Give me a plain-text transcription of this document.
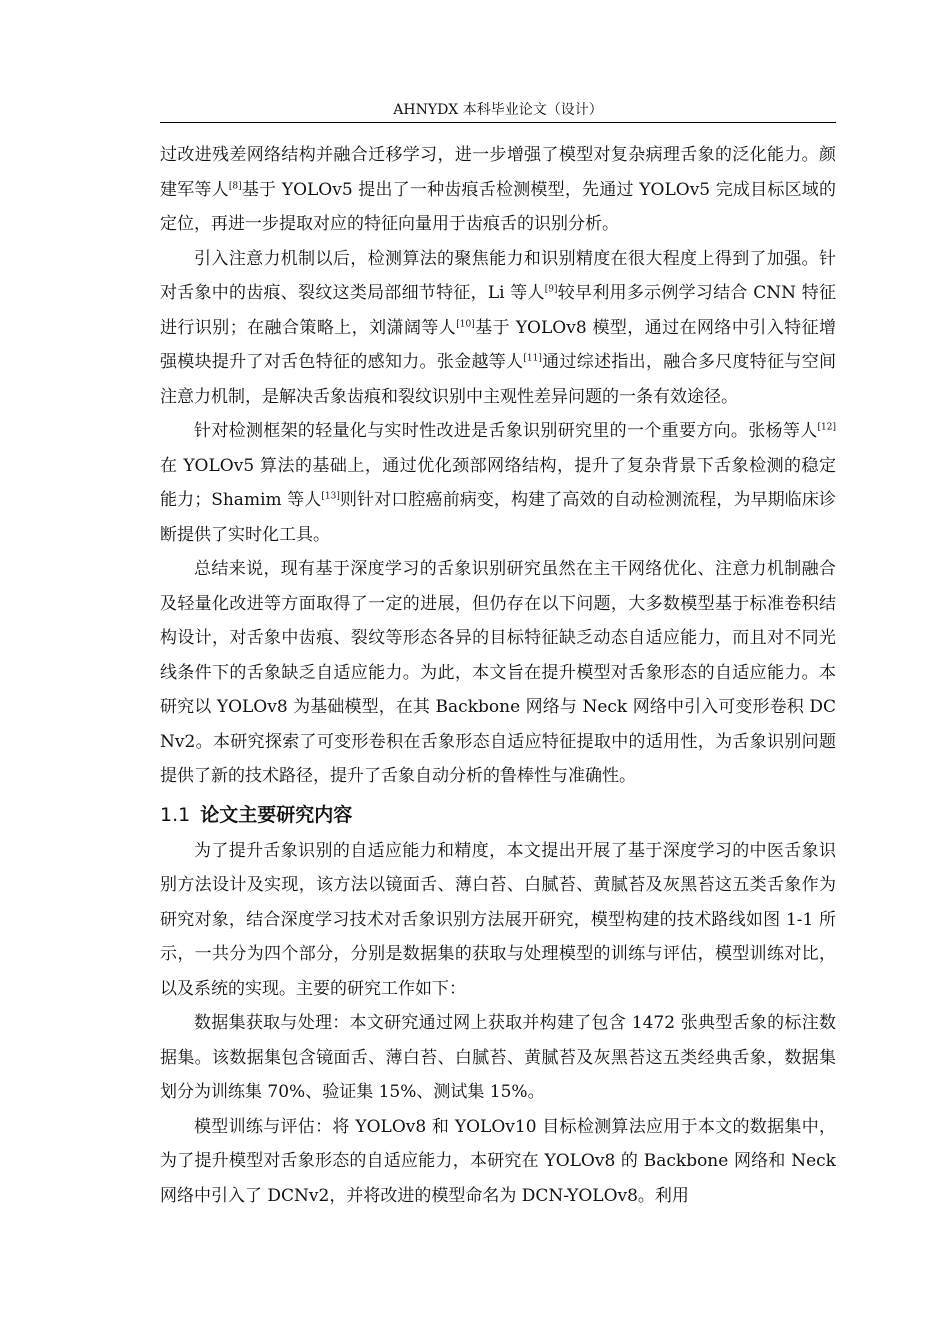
AHNYDX 本科毕业论文（设计）

过改进残差网络结构并融合迁移学习，进一步增强了模型对复杂病理舌象的泛化能力。颜建军等人[8]基于 YOLOv5 提出了一种齿痕舌检测模型，先通过 YOLOv5 完成目标区域的定位，再进一步提取对应的特征向量用于齿痕舌的识别分析。

引入注意力机制以后，检测算法的聚焦能力和识别精度在很大程度上得到了加强。针对舌象中的齿痕、裂纹这类局部细节特征，Li 等人[9]较早利用多示例学习结合 CNN 特征进行识别；在融合策略上，刘潇阔等人[10]基于 YOLOv8 模型，通过在网络中引入特征增强模块提升了对舌色特征的感知力。张金越等人[11]通过综述指出，融合多尺度特征与空间注意力机制，是解决舌象齿痕和裂纹识别中主观性差异问题的一条有效途径。

针对检测框架的轻量化与实时性改进是舌象识别研究里的一个重要方向。张杨等人[12]在 YOLOv5 算法的基础上，通过优化颈部网络结构，提升了复杂背景下舌象检测的稳定能力；Shamim 等人[13]则针对口腔癌前病变，构建了高效的自动检测流程，为早期临床诊断提供了实时化工具。

总结来说，现有基于深度学习的舌象识别研究虽然在主干网络优化、注意力机制融合及轻量化改进等方面取得了一定的进展，但仍存在以下问题，大多数模型基于标准卷积结构设计，对舌象中齿痕、裂纹等形态各异的目标特征缺乏动态自适应能力，而且对不同光线条件下的舌象缺乏自适应能力。为此，本文旨在提升模型对舌象形态的自适应能力。本研究以 YOLOv8 为基础模型，在其 Backbone 网络与 Neck 网络中引入可变形卷积 DCNv2。本研究探索了可变形卷积在舌象形态自适应特征提取中的适用性，为舌象识别问题提供了新的技术路径，提升了舌象自动分析的鲁棒性与准确性。

1.1 论文主要研究内容

为了提升舌象识别的自适应能力和精度，本文提出开展了基于深度学习的中医舌象识别方法设计及实现，该方法以镜面舌、薄白苔、白腻苔、黄腻苔及灰黑苔这五类舌象作为研究对象，结合深度学习技术对舌象识别方法展开研究，模型构建的技术路线如图 1-1 所示，一共分为四个部分，分别是数据集的获取与处理模型的训练与评估，模型训练对比，以及系统的实现。主要的研究工作如下：

数据集获取与处理：本文研究通过网上获取并构建了包含 1472 张典型舌象的标注数据集。该数据集包含镜面舌、薄白苔、白腻苔、黄腻苔及灰黑苔这五类经典舌象，数据集划分为训练集 70%、验证集 15%、测试集 15%。

模型训练与评估：将 YOLOv8 和 YOLOv10 目标检测算法应用于本文的数据集中，为了提升模型对舌象形态的自适应能力，本研究在 YOLOv8 的 Backbone 网络和 Neck 网络中引入了 DCNv2，并将改进的模型命名为 DCN-YOLOv8。利用
